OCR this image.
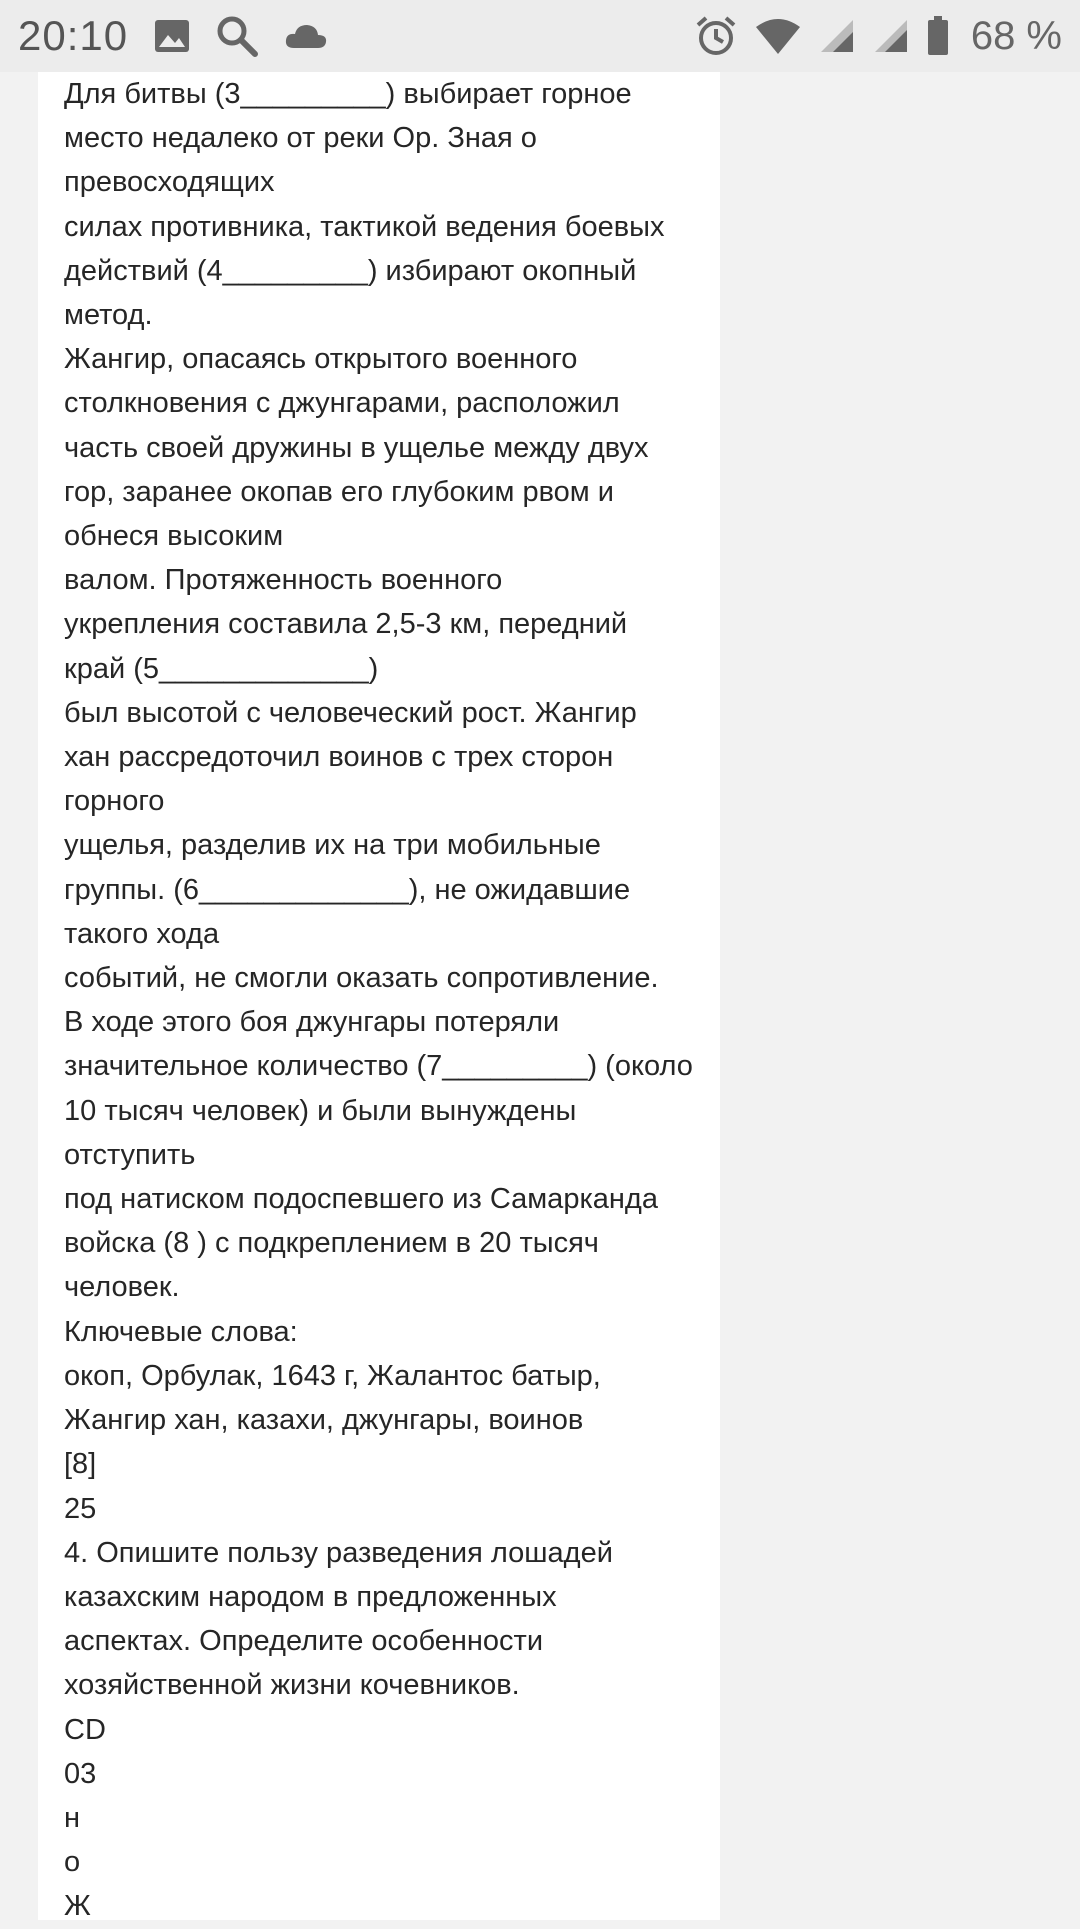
20:10	68 %
Для битвы (3_________) выбирает горное
место недалеко от реки Ор. Зная о
превосходящих
силах противника, тактикой ведения боевых
действий (4_________) избирают окопный
метод.
Жангир, опасаясь открытого военного
столкновения с джунгарами, расположил
часть своей дружины в ущелье между двух
гор, заранее окопав его глубоким рвом и
обнеся высоким
валом. Протяженность военного
укрепления составила 2,5-3 км, передний
край (5_____________)
был высотой с человеческий рост. Жангир
хан рассредоточил воинов с трех сторон
горного
ущелья, разделив их на три мобильные
группы. (6_____________), не ожидавшие
такого хода
событий, не смогли оказать сопротивление.
В ходе этого боя джунгары потеряли
значительное количество (7_________) (около
10 тысяч человек) и были вынуждены
отступить
под натиском подоспевшего из Самарканда
войска (8 ) с подкреплением в 20 тысяч
человек.
Ключевые слова:
окоп, Орбулак, 1643 г, Жалантос батыр,
Жангир хан, казахи, джунгары, воинов
[8]
25
4. Опишите пользу разведения лошадей
казахским народом в предложенных
аспектах. Определите особенности
хозяйственной жизни кочевников.
CD
03
н
о
Ж
